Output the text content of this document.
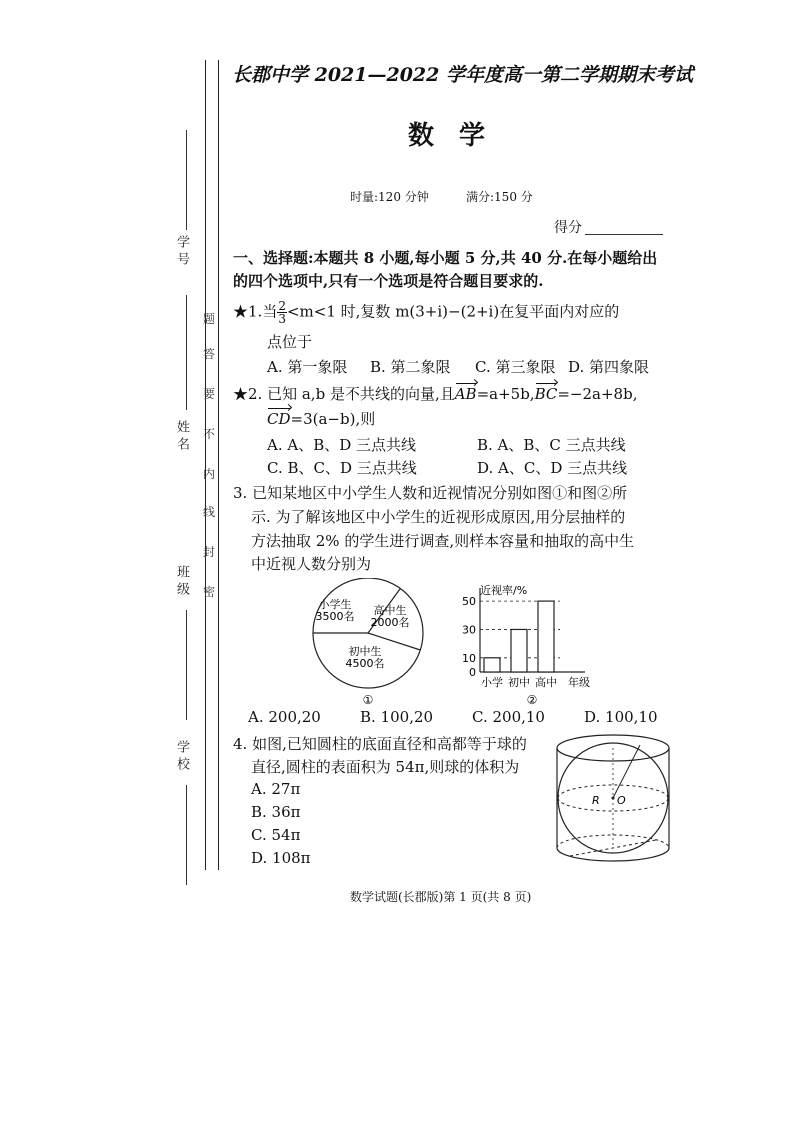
学 号
姓 名
班 级
学 校
题
答
要
不
内
线
封
密
长郡中学 2021—2022 学年度高一第二学期期末考试
数 学
时量:120 分钟	满分:150 分
得分
一、选择题:本题共 8 小题,每小题 5 分,共 40 分.在每小题给出
的四个选项中,只有一个选项是符合题目要求的.
★1.当 $\frac{2}{3} <m<1$ 时,复数 m(3+i)−(2+i)在复平面内对应的
点位于
A. 第一象限 B. 第二象限 C. 第三象限 D. 第四象限
★2. 已知 a,b 是不共线的向量,且AB=a+5b,BC=−2a+8b,
CD=3(a−b),则
A. A、B、D 三点共线	B. A、B、C 三点共线
C. B、C、D 三点共线	D. A、C、D 三点共线
3. 已知某地区中小学生人数和近视情况分别如图①和图②所
示. 为了解该地区中小学生的近视形成原因,用分层抽样的
方法抽取 2% 的学生进行调查,则样本容量和抽取的高中生
中近视人数分别为
小学生
3500名 高中生
2000名
初中生
4500名
①
近视率/%
0
10
30
50
小学 初中 高中 年级
②
A. 200,20	B. 100,20	C. 200,10	D. 100,10
4. 如图,已知圆柱的底面直径和高都等于球的
直径,圆柱的表面积为 54π,则球的体积为
A. 27π
B. 36π
C. 54π
D. 108π
R O
数学试题(长郡版)第 1 页(共 8 页)
